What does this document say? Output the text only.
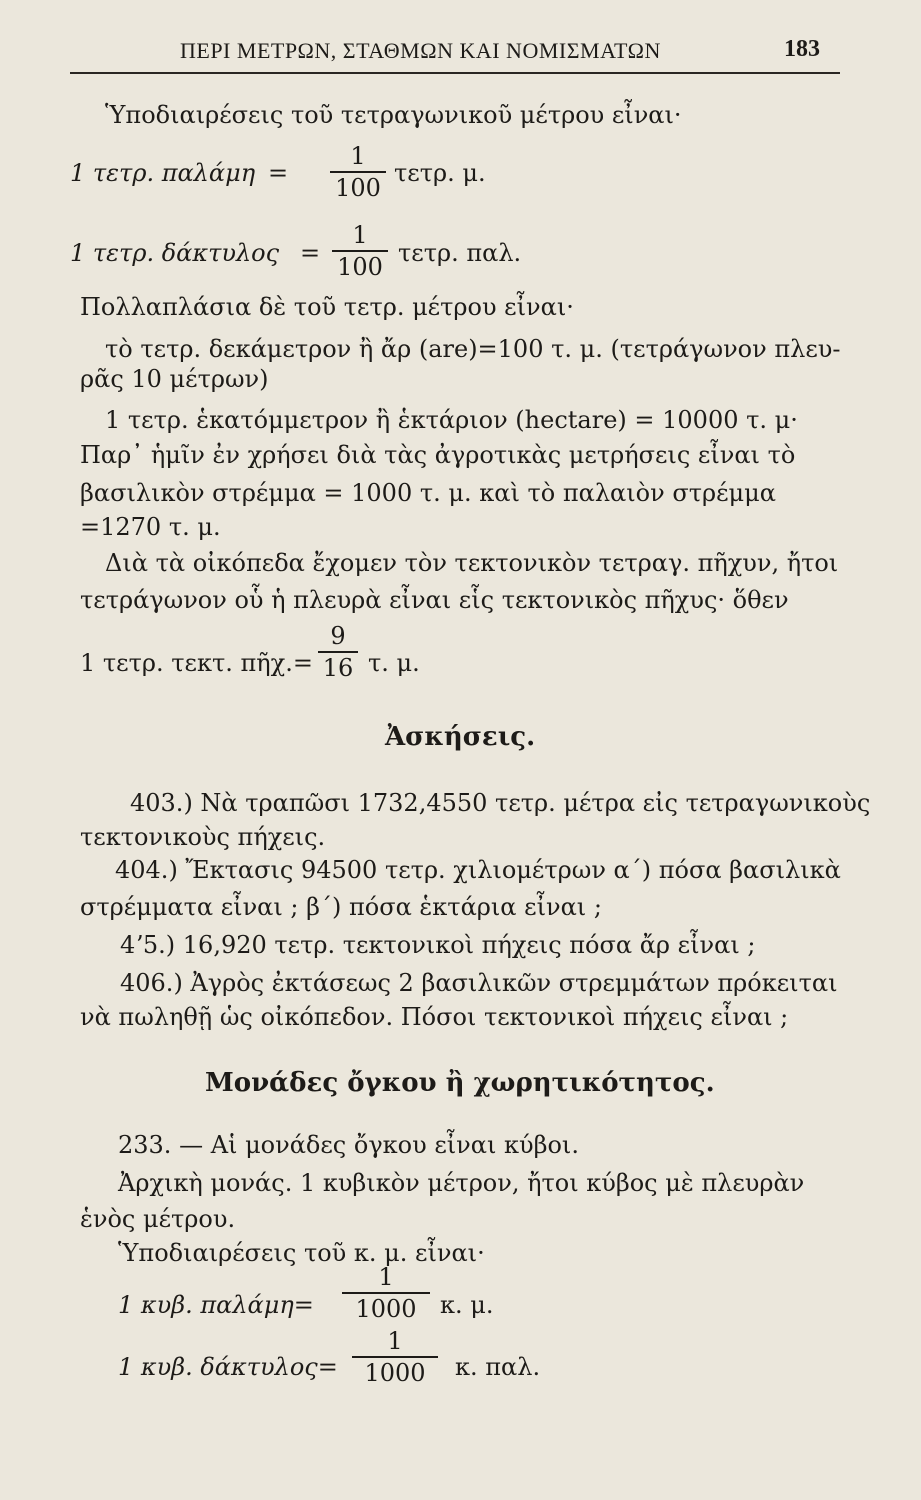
ΠΕΡΙ ΜΕΤΡΩΝ, ΣΤΑΘΜΩΝ ΚΑΙ ΝΟΜΙΣΜΑΤΩΝ	183
Ὑποδιαιρέσεις τοῦ τετραγωνικοῦ μέτρου εἶναι·
1 τετρ. παλάμη =
1
100
τετρ. μ.
1 τετρ. δάκτυλος =
1
100 τετρ. παλ.
Πολλαπλάσια δὲ τοῦ τετρ. μέτρου εἶναι·
τὸ τετρ. δεκάμετρον ἢ ἄρ (are)=100 τ. μ. (τετράγωνον πλευ-
ρᾶς 10 μέτρων)
1 τετρ. ἑκατόμμετρον ἢ ἑκτάριον (hectare) = 10000 τ. μ·
Παρ᾽ ἡμῖν ἐν χρήσει διὰ τὰς ἀγροτικὰς μετρήσεις εἶναι τὸ
βασιλικὸν στρέμμα = 1000 τ. μ. καὶ τὸ παλαιὸν στρέμμα
=1270 τ. μ.
Διὰ τὰ οἰκόπεδα ἔχομεν τὸν τεκτονικὸν τετραγ. πῆχυν, ἤτοι
τετράγωνον οὗ ἡ πλευρὰ εἶναι εἷς τεκτονικὸς πῆχυς· ὅθεν
1 τετρ. τεκτ. πῆχ.=
9
16 τ. μ.
Ἀσκήσεις.
403.) Νὰ τραπῶσι 1732,4550 τετρ. μέτρα εἰς τετραγωνικοὺς
τεκτονικοὺς πήχεις.
404.) Ἔκτασις 94500 τετρ. χιλιομέτρων α΄) πόσα βασιλικὰ
στρέμματα εἶναι ; β΄) πόσα ἑκτάρια εἶναι ;
4ʼ5.) 16,920 τετρ. τεκτονικοὶ πήχεις πόσα ἄρ εἶναι ;
406.) Ἀγρὸς ἐκτάσεως 2 βασιλικῶν στρεμμάτων πρόκειται
νὰ πωληθῇ ὡς οἰκόπεδον. Πόσοι τεκτονικοὶ πήχεις εἶναι ;
Μονάδες ὄγκου ἢ χωρητικότητος.
233. — Αἱ μονάδες ὄγκου εἶναι κύβοι.
Ἀρχικὴ μονάς. 1 κυβικὸν μέτρον, ἤτοι κύβος μὲ πλευρὰν
ἑνὸς μέτρου.
Ὑποδιαιρέσεις τοῦ κ. μ. εἶναι·
1 κυβ. παλάμη=
1
1000 κ. μ.
1 κυβ. δάκτυλος=
1
1000	κ. παλ.
